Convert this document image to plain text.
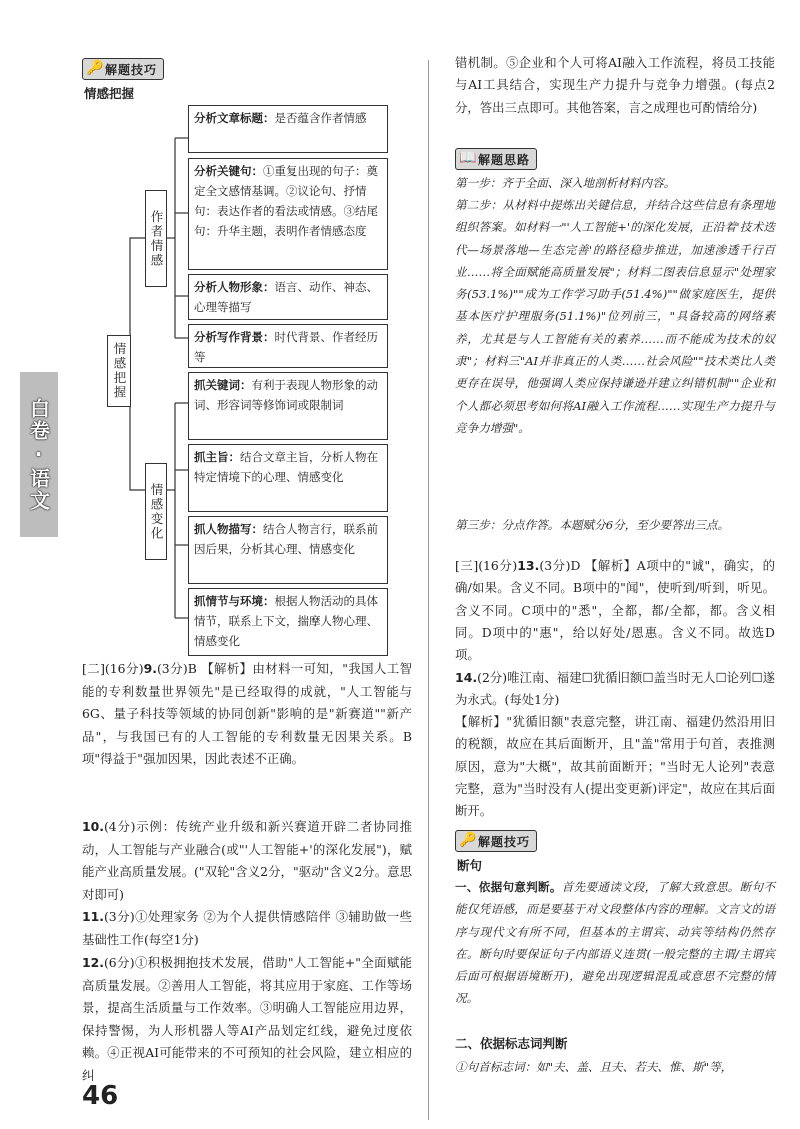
白卷·语文
🔑 解题技巧
情感把握
情感把握
作者情感
情感变化
分析文章标题：是否蕴含作者情感
分析关键句：①重复出现的句子：奠定全文感情基调。②议论句、抒情句：表达作者的看法或情感。③结尾句：升华主题，表明作者情感态度
分析人物形象：语言、动作、神态、心理等描写
分析写作背景：时代背景、作者经历等
抓关键词：有利于表现人物形象的动词、形容词等修饰词或限制词
抓主旨：结合文章主旨，分析人物在特定情境下的心理、情感变化
抓人物描写：结合人物言行，联系前因后果，分析其心理、情感变化
抓情节与环境：根据人物活动的具体情节，联系上下文，揣摩人物心理、情感变化
[二](16分)9.(3分)B 【解析】由材料一可知，"我国人工智能的专利数量世界领先"是已经取得的成就，"人工智能与6G、量子科技等领域的协同创新"影响的是"新赛道""新产品"，与我国已有的人工智能的专利数量无因果关系。B项"得益于"强加因果，因此表述不正确。
10.(4分)示例：传统产业升级和新兴赛道开辟二者协同推动，人工智能与产业融合(或"'人工智能+'的深化发展")，赋能产业高质量发展。("双轮"含义2分，"驱动"含义2分。意思对即可)
11.(3分)①处理家务 ②为个人提供情感陪伴 ③辅助做一些基础性工作(每空1分)
12.(6分)①积极拥抱技术发展，借助"人工智能+"全面赋能高质量发展。②善用人工智能，将其应用于家庭、工作等场景，提高生活质量与工作效率。③明确人工智能应用边界，保持警惕，为人形机器人等AI产品划定红线，避免过度依赖。④正视AI可能带来的不可预知的社会风险，建立相应的纠
46
错机制。⑤企业和个人可将AI融入工作流程，将员工技能与AI工具结合，实现生产力提升与竞争力增强。(每点2分，答出三点即可。其他答案，言之成理也可酌情给分)
📖 解题思路
第一步：齐于全面、深入地剖析材料内容。
第二步：从材料中提炼出关键信息，并结合这些信息有条理地组织答案。如材料一"'人工智能+'的深化发展，正沿着'技术迭代—场景落地—生态完善'的路径稳步推进，加速渗透千行百业……将全面赋能高质量发展"；材料二图表信息显示"处理家务(53.1%)""成为工作学习助手(51.4%)""做家庭医生，提供基本医疗护理服务(51.1%)"位列前三，"具备较高的网络素养，尤其是与人工智能有关的素养……而不能成为技术的奴隶"；材料三"AI并非真正的人类……社会风险""技术类比人类更存在误导，他强调人类应保持谦逊并建立纠错机制""企业和个人都必须思考如何将AI融入工作流程……实现生产力提升与竞争力增强"。
第三步：分点作答。本题赋分6分，至少要答出三点。
[三](16分)13.(3分)D 【解析】A项中的"诚"，确实，的确/如果。含义不同。B项中的"闻"，使听到/听到，听见。含义不同。C项中的"悉"，全都，都/全都，都。含义相同。D项中的"惠"，给以好处/恩惠。含义不同。故选D项。
14.(2分)唯江南、福建☐犹循旧额☐盖当时无人☐论列☐遂为永式。(每处1分)
【解析】"犹循旧额"表意完整，讲江南、福建仍然沿用旧的税额，故应在其后面断开，且"盖"常用于句首，表推测原因，意为"大概"，故其前面断开；"当时无人论列"表意完整，意为"当时没有人(提出变更新)评定"，故应在其后面断开。
🔑 解题技巧
断句
一、依据句意判断。首先要通读文段，了解大致意思。断句不能仅凭语感，而是要基于对文段整体内容的理解。文言文的语序与现代文有所不同，但基本的主谓宾、动宾等结构仍然存在。断句时要保证句子内部语义连贯(一般完整的主谓/主谓宾后面可根据语境断开)，避免出现逻辑混乱或意思不完整的情况。
二、依据标志词判断
①句首标志词：如"夫、盖、且夫、若夫、惟、斯"等，
